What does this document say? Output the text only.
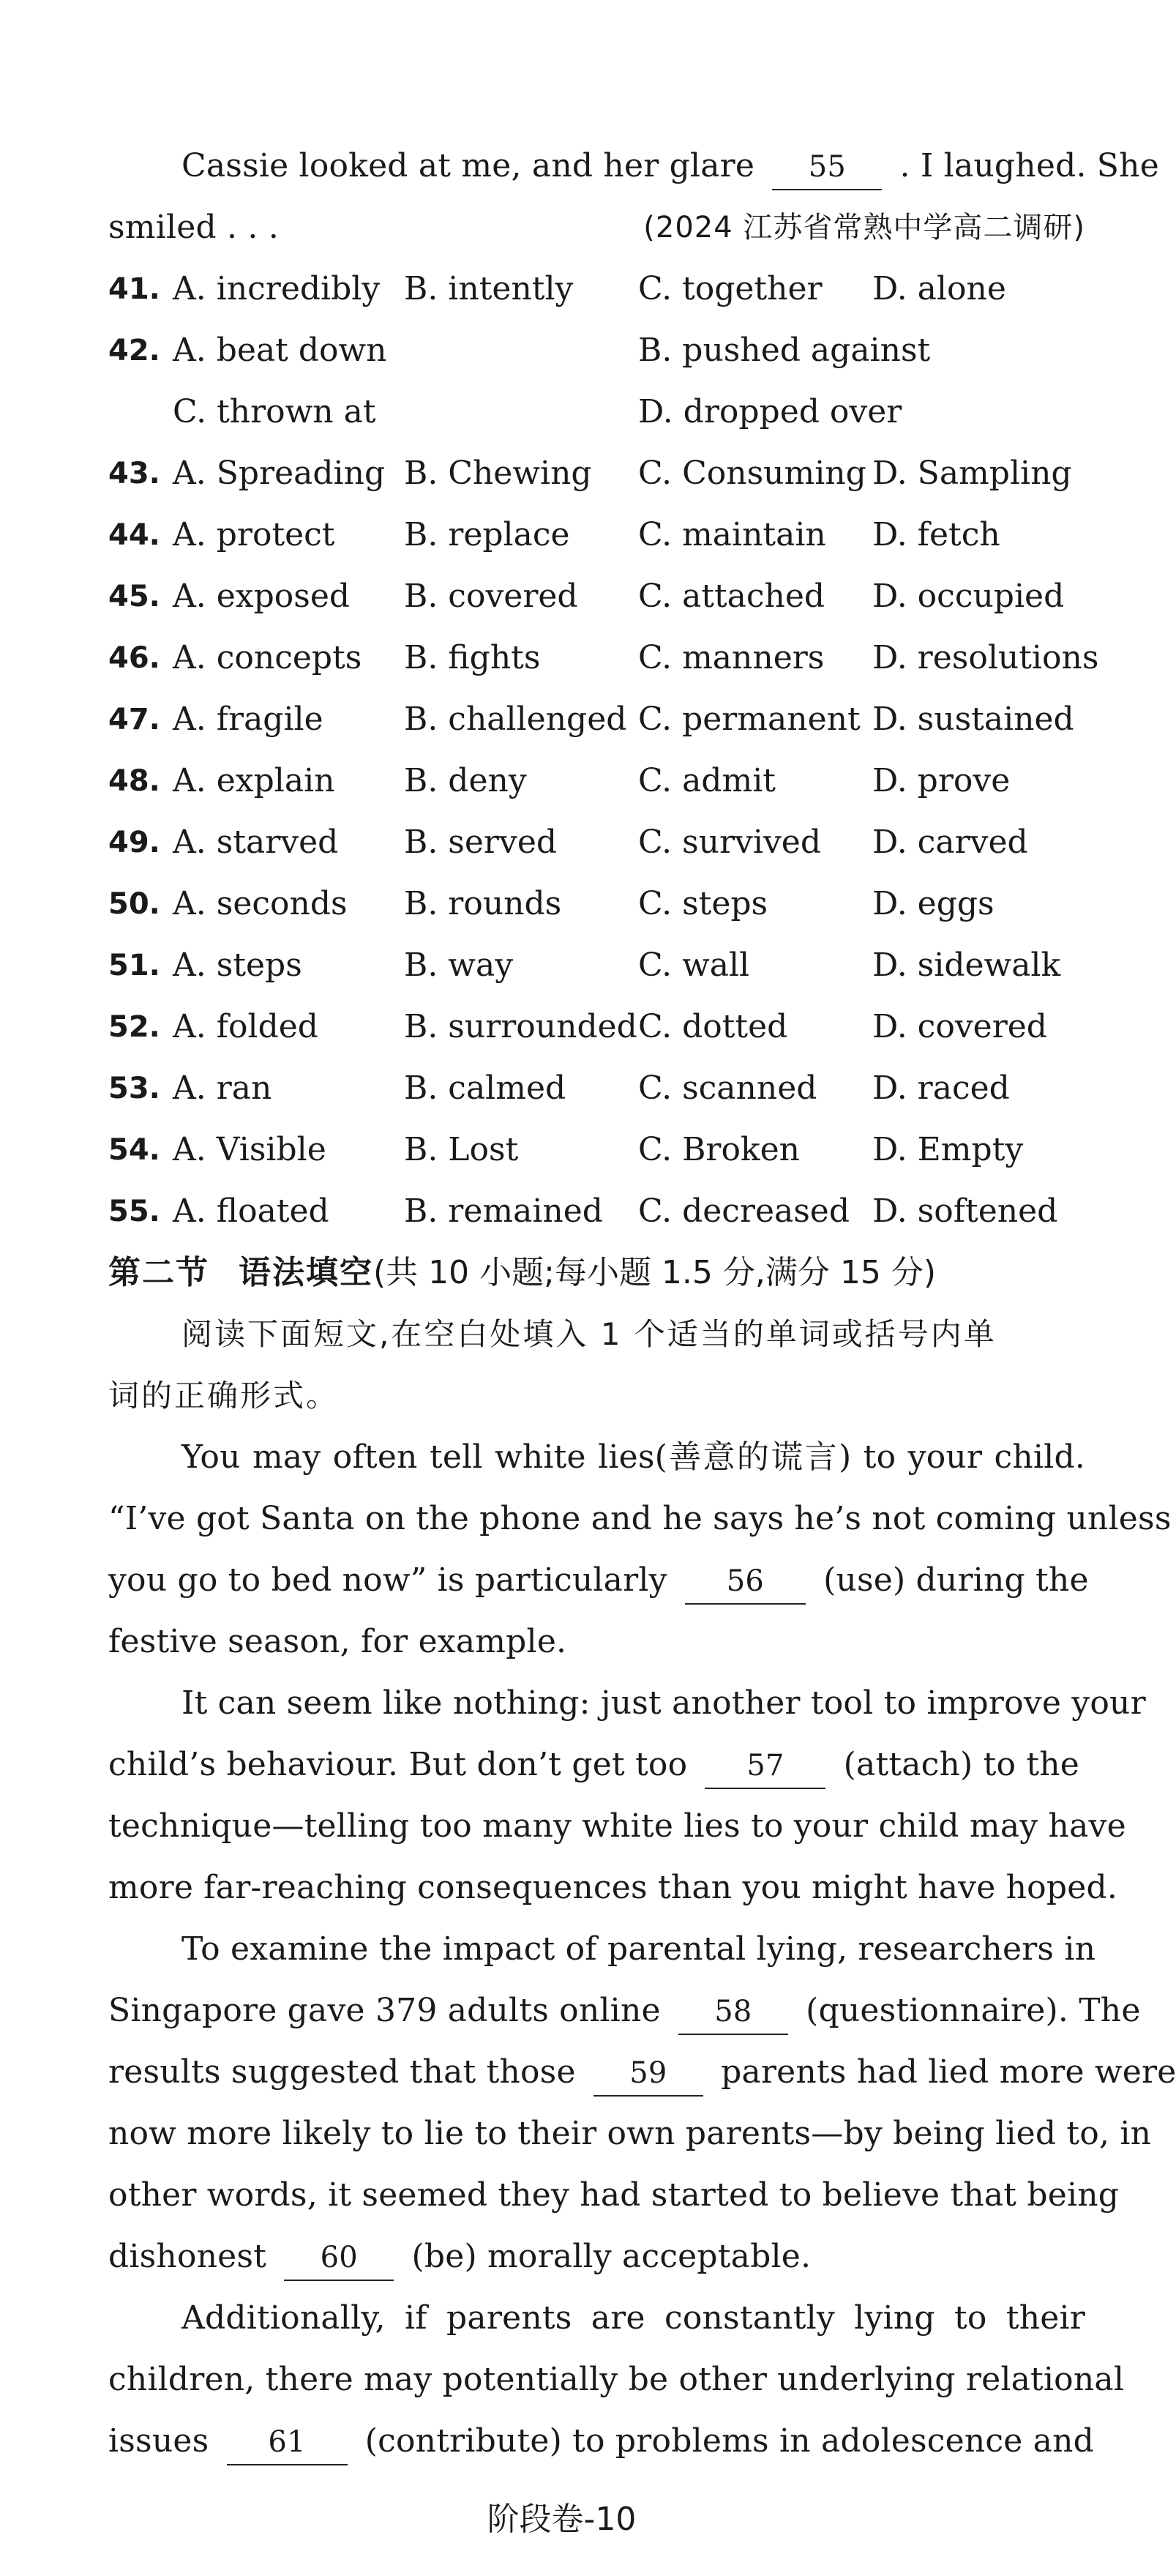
Cassie looked at me, and her glare 55 . I laughed. She
smiled . . .	(2024 江苏省常熟中学高二调研)
41. A. incredibly B. intently C. together D. alone
42. A. beat down	B. pushed against
C. thrown at	D. dropped over
43. A. Spreading B. Chewing C. Consuming D. Sampling
44. A. protect B. replace C. maintain D. fetch
45. A. exposed B. covered C. attached D. occupied
46. A. concepts B. fights	C. manners D. resolutions
47. A. fragile	B. challenged C. permanent D. sustained
48. A. explain B. deny	C. admit	D. prove
49. A. starved B. served	C. survived D. carved
50. A. seconds B. rounds C. steps	D. eggs
51. A. steps	B. way	C. wall	D. sidewalk
52. A. folded	B. surrounded C. dotted	D. covered
53. A. ran	B. calmed C. scanned D. raced
54. A. Visible B. Lost	C. Broken D. Empty
55. A. floated B. remained C. decreased D. softened
第二节 语法填空(共 10 小题;每小题 1.5 分,满分 15 分)
阅读下面短文,在空白处填入 1 个适当的单词或括号内单
词的正确形式。
You may often tell white lies(善意的谎言) to your child.
“I’ve got Santa on the phone and he says he’s not coming unless
you go to bed now” is particularly 56 (use) during the
festive season, for example.
It can seem like nothing: just another tool to improve your
child’s behaviour. But don’t get too 57 (attach) to the
technique—telling too many white lies to your child may have
more far-reaching consequences than you might have hoped.
To examine the impact of parental lying, researchers in
Singapore gave 379 adults online 58 (questionnaire). The
results suggested that those 59 parents had lied more were
now more likely to lie to their own parents—by being lied to, in
other words, it seemed they had started to believe that being
dishonest 60 (be) morally acceptable.
Additionally, if parents are constantly lying to their
children, there may potentially be other underlying relational
issues 61 (contribute) to problems in adolescence and
阶段卷-10
